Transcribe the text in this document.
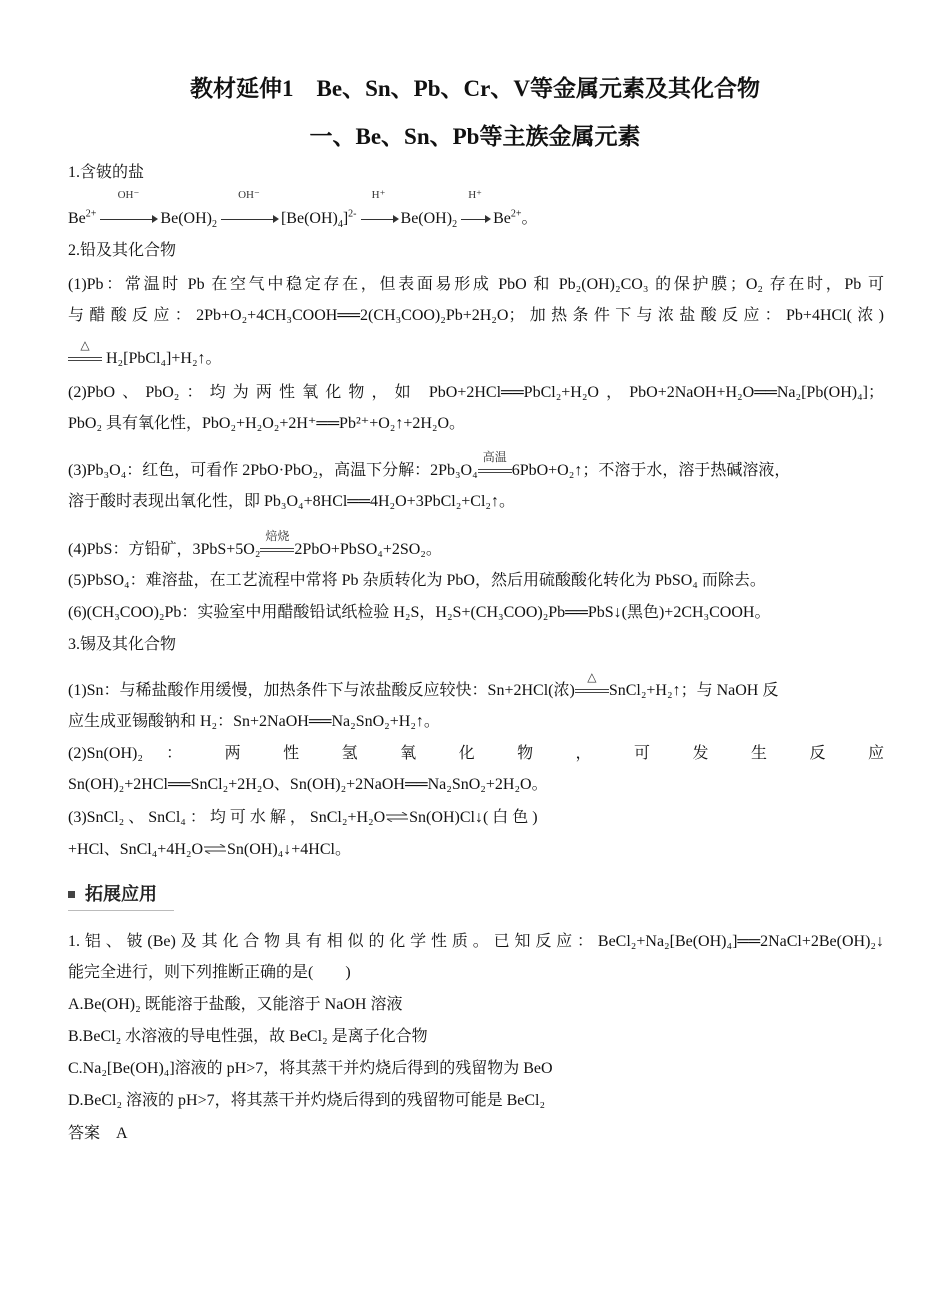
教材延伸1　Be、Sn、Pb、Cr、V等金属元素及其化合物
一、Be、Sn、Pb等主族金属元素
1.含铍的盐
$Be^{2+}$
OH⁻
$Be(OH)_2$
OH⁻
$[Be(OH)_4]^{2-}$
H⁺
$Be(OH)_2$
H⁺
$Be^{2+}$。
2.铅及其化合物
(1)Pb：常温时 Pb 在空气中稳定存在，但表面易形成 PbO 和 Pb₂(OH)₂CO₃ 的保护膜；O₂ 存在时，Pb 可
与醋酸反应：2Pb+O₂+4CH₃COOH══2(CH₃COO)₂Pb+2H₂O；加热条件下与浓盐酸反应：Pb+4HCl(浓)
△
H₂[PbCl₄]+H₂↑。
(2)PbO、PbO₂：均为两性氧化物，如 PbO+2HCl══PbCl₂+H₂O，PbO+2NaOH+H₂O══Na₂[Pb(OH)₄]；
PbO₂ 具有氧化性，PbO₂+H₂O₂+2H⁺══Pb²⁺+O₂↑+2H₂O。
(3)Pb₃O₄：红色，可看作 2PbO·PbO₂，高温下分解：2Pb₃O₄
高温
6PbO+O₂↑；不溶于水，溶于热碱溶液，
溶于酸时表现出氧化性，即 Pb₃O₄+8HCl══4H₂O+3PbCl₂+Cl₂↑。
(4)PbS：方铅矿，3PbS+5O₂
焙烧
2PbO+PbSO₄+2SO₂。
(5)PbSO₄：难溶盐，在工艺流程中常将 Pb 杂质转化为 PbO，然后用硫酸酸化转化为 PbSO₄ 而除去。
(6)(CH₃COO)₂Pb：实验室中用醋酸铅试纸检验 H₂S，H₂S+(CH₃COO)₂Pb══PbS↓(黑色)+2CH₃COOH。
3.锡及其化合物
(1)Sn：与稀盐酸作用缓慢，加热条件下与浓盐酸反应较快：Sn+2HCl(浓)
△
SnCl₂+H₂↑；与 NaOH 反
应生成亚锡酸钠和 H₂：Sn+2NaOH══Na₂SnO₂+H₂↑。
(2)Sn(OH)₂ ： 两 性 氢 氧 化 物 ， 可 发 生 反 应
Sn(OH)₂+2HCl══SnCl₂+2H₂O、Sn(OH)₂+2NaOH══Na₂SnO₂+2H₂O。
(3)SnCl₂ 、 SnCl₄ ： 均 可 水 解 ， SnCl₂+H₂O⇌Sn(OH)Cl↓( 白 色 )
+HCl、SnCl₄+4H₂O⇌Sn(OH)₄↓+4HCl。
拓展应用
1.铝、铍(Be)及其化合物具有相似的化学性质。已知反应：BeCl₂+Na₂[Be(OH)₄]══2NaCl+2Be(OH)₂↓
能完全进行，则下列推断正确的是(　　)
A.Be(OH)₂ 既能溶于盐酸，又能溶于 NaOH 溶液
B.BeCl₂ 水溶液的导电性强，故 BeCl₂ 是离子化合物
C.Na₂[Be(OH)₄]溶液的 pH>7，将其蒸干并灼烧后得到的残留物为 BeO
D.BeCl₂ 溶液的 pH>7，将其蒸干并灼烧后得到的残留物可能是 BeCl₂
答案　A
